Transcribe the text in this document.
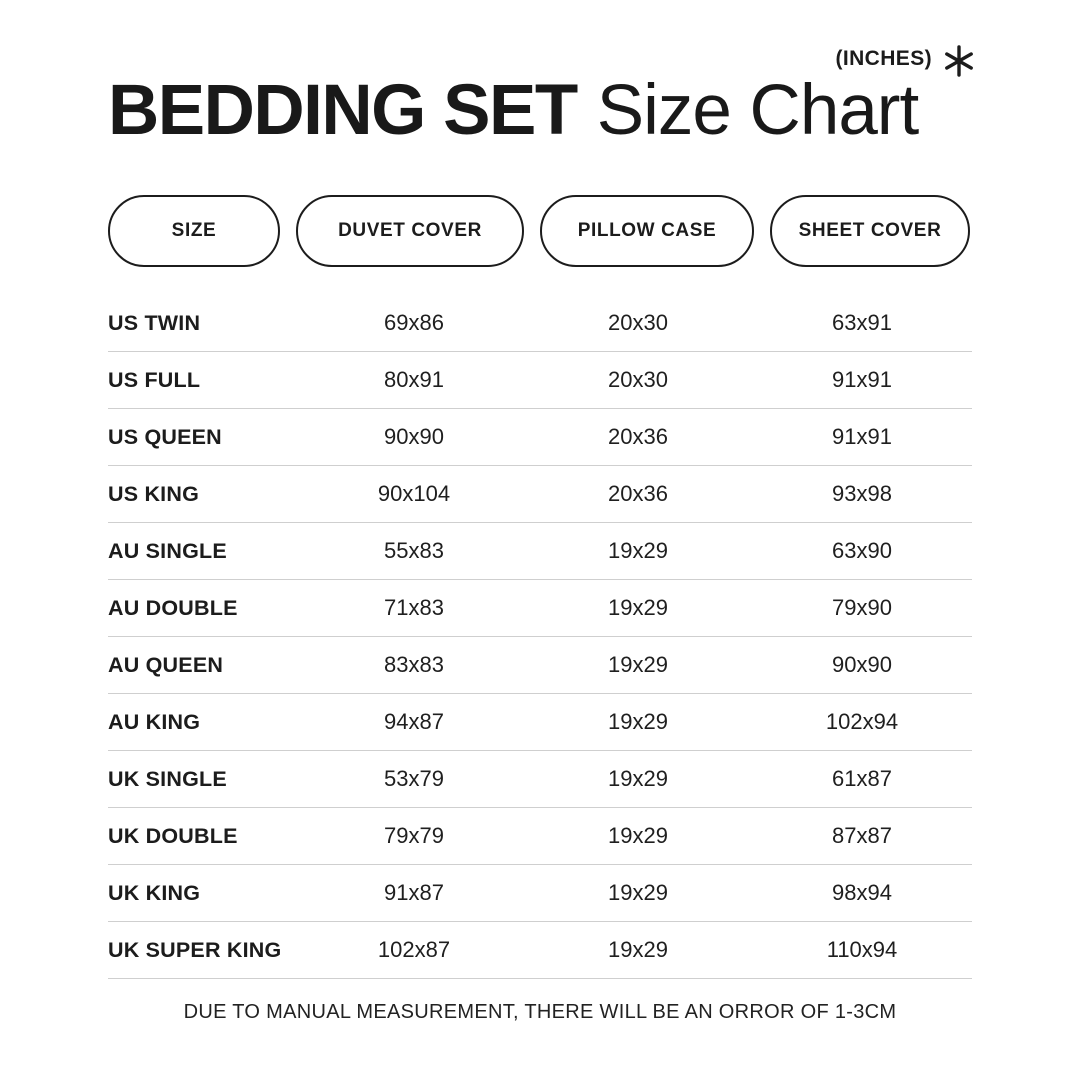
(INCHES)
BEDDING SET Size Chart
SIZE	DUVET COVER	PILLOW CASE	SHEET COVER
US TWIN	69x86	20x30	63x91
US FULL	80x91	20x30	91x91
US QUEEN	90x90	20x36	91x91
US KING	90x104	20x36	93x98
AU SINGLE	55x83	19x29	63x90
AU DOUBLE	71x83	19x29	79x90
AU QUEEN	83x83	19x29	90x90
AU KING	94x87	19x29	102x94
UK SINGLE	53x79	19x29	61x87
UK DOUBLE	79x79	19x29	87x87
UK KING	91x87	19x29	98x94
UK SUPER KING	102x87	19x29	110x94
DUE TO MANUAL MEASUREMENT, THERE WILL BE AN ORROR OF 1-3CM
